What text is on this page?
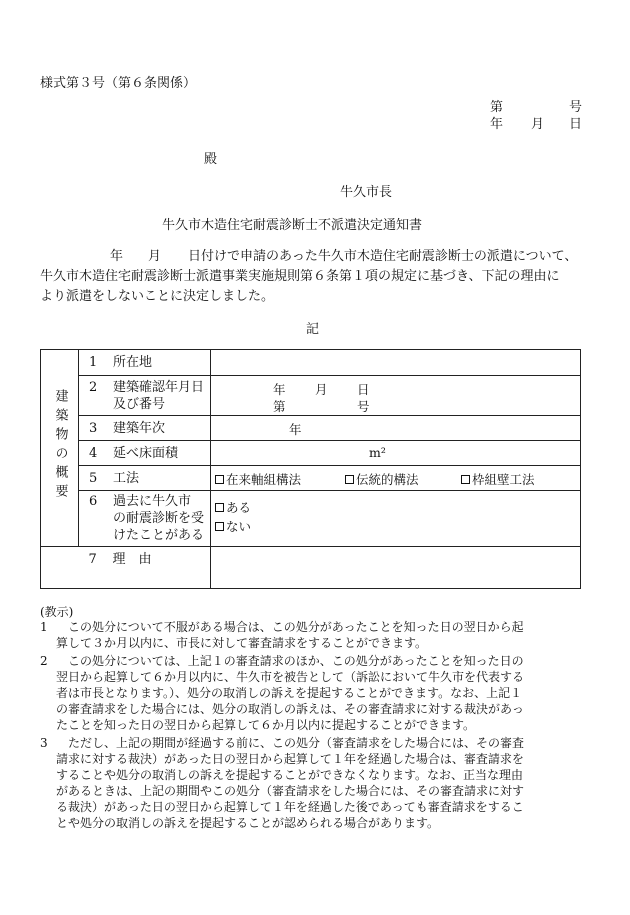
様式第３号（第６条関係）
第	号
年 月 日
殿
牛久市長
牛久市木造住宅耐震診断士不派遣決定通知書
年 月 日付けで申請のあった牛久市木造住宅耐震診断士の派遣について、
牛久市木造住宅耐震診断士派遣事業実施規則第６条第１項の規定に基づき、下記の理由に
より派遣をしないことに決定しました。
記
建築物の概要	1 所在地	

	2 建築確認年月日
及び番号	年 月 日
第 号

	3 建築年次	年

	4 延べ床面積	m²

	5 工法	在来軸組構法 伝統的構法 枠組壁工法

	6 過去に牛久市
の耐震診断を受
けたことがある	ある
ない

	7 理　由	

(教示)
1 　この処分について不服がある場合は、この処分があったことを知った日の翌日から起
算して３か月以内に、市長に対して審査請求をすることができます。
2 　この処分については、上記１の審査請求のほか、この処分があったことを知った日の
翌日から起算して６か月以内に、牛久市を被告として（訴訟において牛久市を代表する
者は市長となります。）、処分の取消しの訴えを提起することができます。なお、上記１
の審査請求をした場合には、処分の取消しの訴えは、その審査請求に対する裁決があっ
たことを知った日の翌日から起算して６か月以内に提起することができます。
3 　ただし、上記の期間が経過する前に、この処分（審査請求をした場合には、その審査
請求に対する裁決）があった日の翌日から起算して１年を経過した場合は、審査請求を
することや処分の取消しの訴えを提起することができなくなります。なお、正当な理由
があるときは、上記の期間やこの処分（審査請求をした場合には、その審査請求に対す
る裁決）があった日の翌日から起算して１年を経過した後であっても審査請求をするこ
とや処分の取消しの訴えを提起することが認められる場合があります。
